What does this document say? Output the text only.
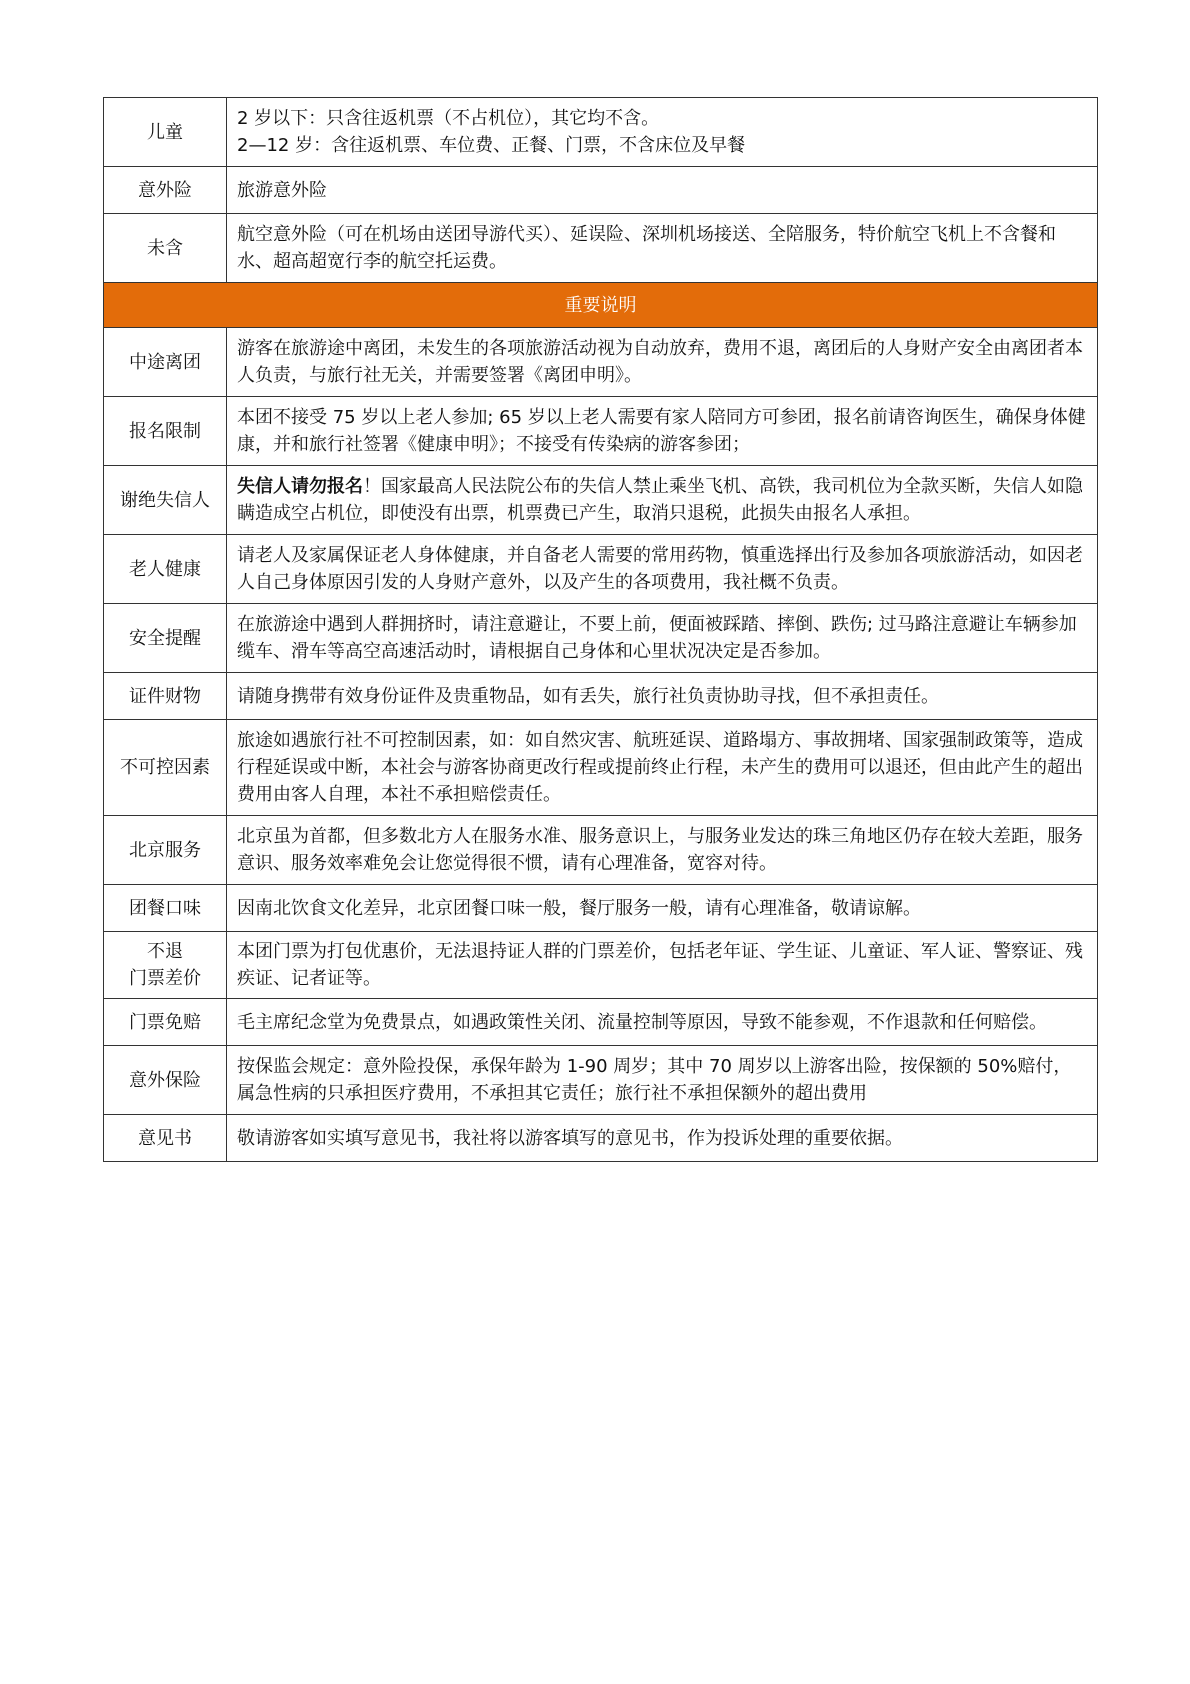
儿童	2 岁以下：只含往返机票（不占机位），其它均不含。
2—12 岁：含往返机票、车位费、正餐、门票，不含床位及早餐

意外险	旅游意外险
未含	航空意外险（可在机场由送团导游代买）、延误险、深圳机场接送、全陪服务，特价航空飞机上不含餐和水、超高超宽行李的航空托运费。
重要说明	
中途离团	游客在旅游途中离团，未发生的各项旅游活动视为自动放弃，费用不退，离团后的人身财产安全由离团者本人负责，与旅行社无关，并需要签署《离团申明》。
报名限制	本团不接受 75 岁以上老人参加; 65 岁以上老人需要有家人陪同方可参团，报名前请咨询医生，确保身体健康，并和旅行社签署《健康申明》；不接受有传染病的游客参团；
谢绝失信人	失信人请勿报名！国家最高人民法院公布的失信人禁止乘坐飞机、高铁，我司机位为全款买断，失信人如隐瞒造成空占机位，即使没有出票，机票费已产生，取消只退税，此损失由报名人承担。
老人健康	请老人及家属保证老人身体健康，并自备老人需要的常用药物，慎重选择出行及参加各项旅游活动，如因老人自己身体原因引发的人身财产意外，以及产生的各项费用，我社概不负责。
安全提醒	在旅游途中遇到人群拥挤时，请注意避让，不要上前，便面被踩踏、摔倒、跌伤; 过马路注意避让车辆参加缆车、滑车等高空高速活动时，请根据自己身体和心里状况决定是否参加。
证件财物	请随身携带有效身份证件及贵重物品，如有丢失，旅行社负责协助寻找，但不承担责任。
不可控因素	旅途如遇旅行社不可控制因素，如：如自然灾害、航班延误、道路塌方、事故拥堵、国家强制政策等，造成行程延误或中断，本社会与游客协商更改行程或提前终止行程，未产生的费用可以退还，但由此产生的超出费用由客人自理，本社不承担赔偿责任。
北京服务	北京虽为首都，但多数北方人在服务水准、服务意识上，与服务业发达的珠三角地区仍存在较大差距，服务意识、服务效率难免会让您觉得很不惯，请有心理准备，宽容对待。
团餐口味	因南北饮食文化差异，北京团餐口味一般，餐厅服务一般，请有心理准备，敬请谅解。

不退
门票差价	本团门票为打包优惠价，无法退持证人群的门票差价，包括老年证、学生证、儿童证、军人证、警察证、残疾证、记者证等。
门票免赔	毛主席纪念堂为免费景点，如遇政策性关闭、流量控制等原因，导致不能参观，不作退款和任何赔偿。
意外保险	按保监会规定：意外险投保，承保年龄为 1-90 周岁；其中 70 周岁以上游客出险，按保额的 50%赔付，属急性病的只承担医疗费用，不承担其它责任；旅行社不承担保额外的超出费用
意见书	敬请游客如实填写意见书，我社将以游客填写的意见书，作为投诉处理的重要依据。
